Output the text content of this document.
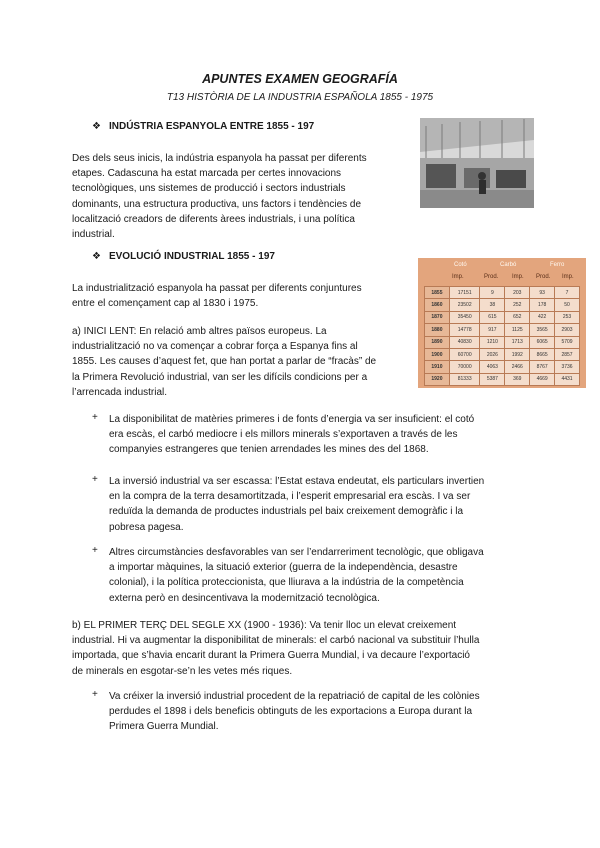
APUNTES EXAMEN GEOGRAFÍA
T13 HISTÒRIA DE LA INDUSTRIA ESPAÑOLA 1855 - 1975
❖ INDÚSTRIA ESPANYOLA ENTRE 1855 - 197
Des dels seus inicis, la indústria espanyola ha passat per diferents
etapes. Cadascuna ha estat marcada per certes innovacions
tecnològiques, uns sistemes de producció i sectors industrials
dominants, una estructura productiva, uns factors i tendències de
localització creadors de diferents àrees industrials, i una política
industrial.
❖ EVOLUCIÓ INDUSTRIAL 1855 - 197
La industrialització espanyola ha passat per diferents conjuntures
entre el començament cap al 1830 i 1975.
a) INICI LENT: En relació amb altres països europeus. La
industrialització no va començar a cobrar força a Espanya fins al
1855. Les causes d’aquest fet, que han portat a parlar de “fracàs” de
la Primera Revolució industrial, van ser les difícils condicions per a
l’arrencada industrial.
Cotó	Carbó	Ferro
Imp.	Prod. Imp. Prod. Imp.
1855	17151	9	203	93	7
1860	23502	38	252	178	50
1870	35450	615	652	422	253
1880	14778	917	1125	3565	2903
1890	40830	1210	1713	6065	5709
1900	60700	2026	1992	8665	2857
1910	70000	4063	2466	8767	3736
1920	81333	5387	369	4669	4431
+ La disponibilitat de matèries primeres i de fonts d’energia va ser insuficient: el cotó
era escàs, el carbó mediocre i els millors minerals s’exportaven a través de les
companyies estrangeres que tenien arrendades les mines des del 1868.
+ La inversió industrial va ser escassa: l’Estat estava endeutat, els particulars invertien
en la compra de la terra desamortitzada, i l’esperit empresarial era escàs. I va ser
reduïda la demanda de productes industrials pel baix creixement demogràfic i la
pobresa pagesa.
+ Altres circumstàncies desfavorables van ser l’endarreriment tecnològic, que obligava
a importar màquines, la situació exterior (guerra de la independència, desastre
colonial), i la política proteccionista, que lliurava a la indústria de la competència
externa però en desincentivava la modernització tecnològica.
b) EL PRIMER TERÇ DEL SEGLE XX (1900 - 1936): Va tenir lloc un elevat creixement
industrial. Hi va augmentar la disponibilitat de minerals: el carbó nacional va substituir l’hulla
importada, que s’havia encarit durant la Primera Guerra Mundial, i va decaure l’exportació
de minerals en esgotar-se’n les vetes més riques.
+ Va créixer la inversió industrial procedent de la repatriació de capital de les colònies
perdudes el 1898 i dels beneficis obtinguts de les exportacions a Europa durant la
Primera Guerra Mundial.
